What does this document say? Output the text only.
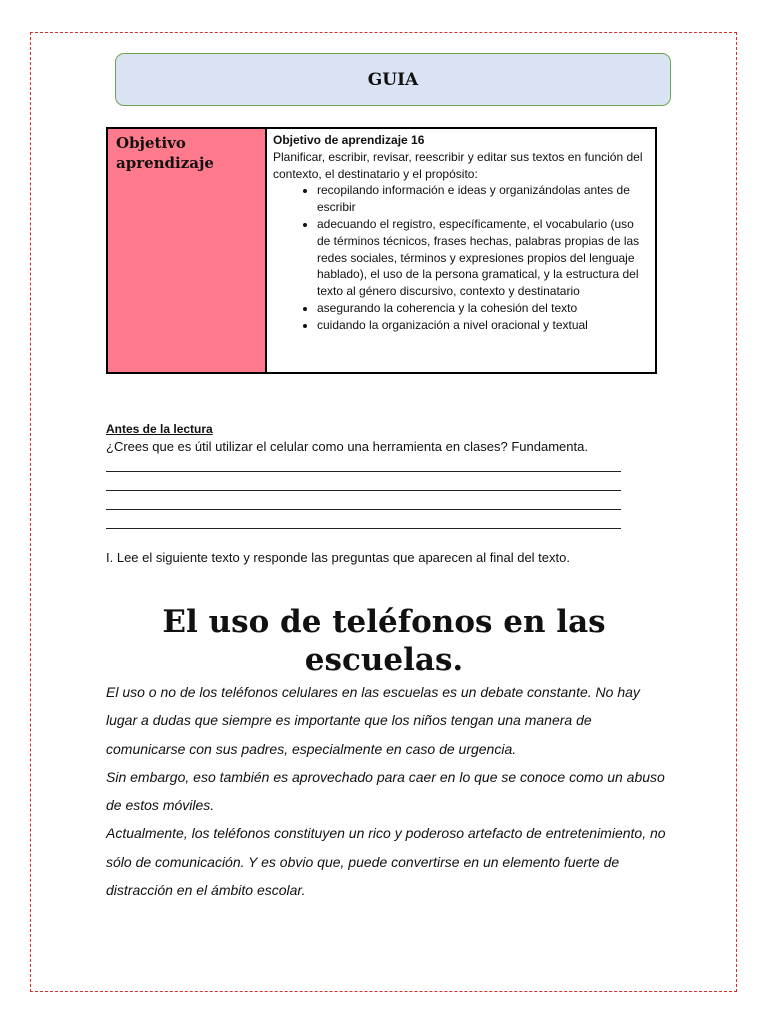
GUIA
Objetivo aprendizaje
Objetivo de aprendizaje 16
Planificar, escribir, revisar, reescribir y editar sus textos en función del contexto, el destinatario y el propósito:
• recopilando información e ideas y organizándolas antes de escribir
• adecuando el registro, específicamente, el vocabulario (uso de términos técnicos, frases hechas, palabras propias de las redes sociales, términos y expresiones propios del lenguaje hablado), el uso de la persona gramatical, y la estructura del texto al género discursivo, contexto y destinatario
• asegurando la coherencia y la cohesión del texto
• cuidando la organización a nivel oracional y textual
Antes de la lectura
¿Crees que es útil utilizar el celular como una herramienta en clases? Fundamenta.
I. Lee el siguiente texto y responde las preguntas que aparecen al final del texto.
El uso de teléfonos en las escuelas.

El uso o no de los teléfonos celulares en las escuelas es un debate constante. No hay lugar a dudas que siempre es importante que los niños tengan una manera de comunicarse con sus padres, especialmente en caso de urgencia.

Sin embargo, eso también es aprovechado para caer en lo que se conoce como un abuso de estos móviles.

Actualmente, los teléfonos constituyen un rico y poderoso artefacto de entretenimiento, no sólo de comunicación. Y es obvio que, puede convertirse en un elemento fuerte de distracción en el ámbito escolar.
